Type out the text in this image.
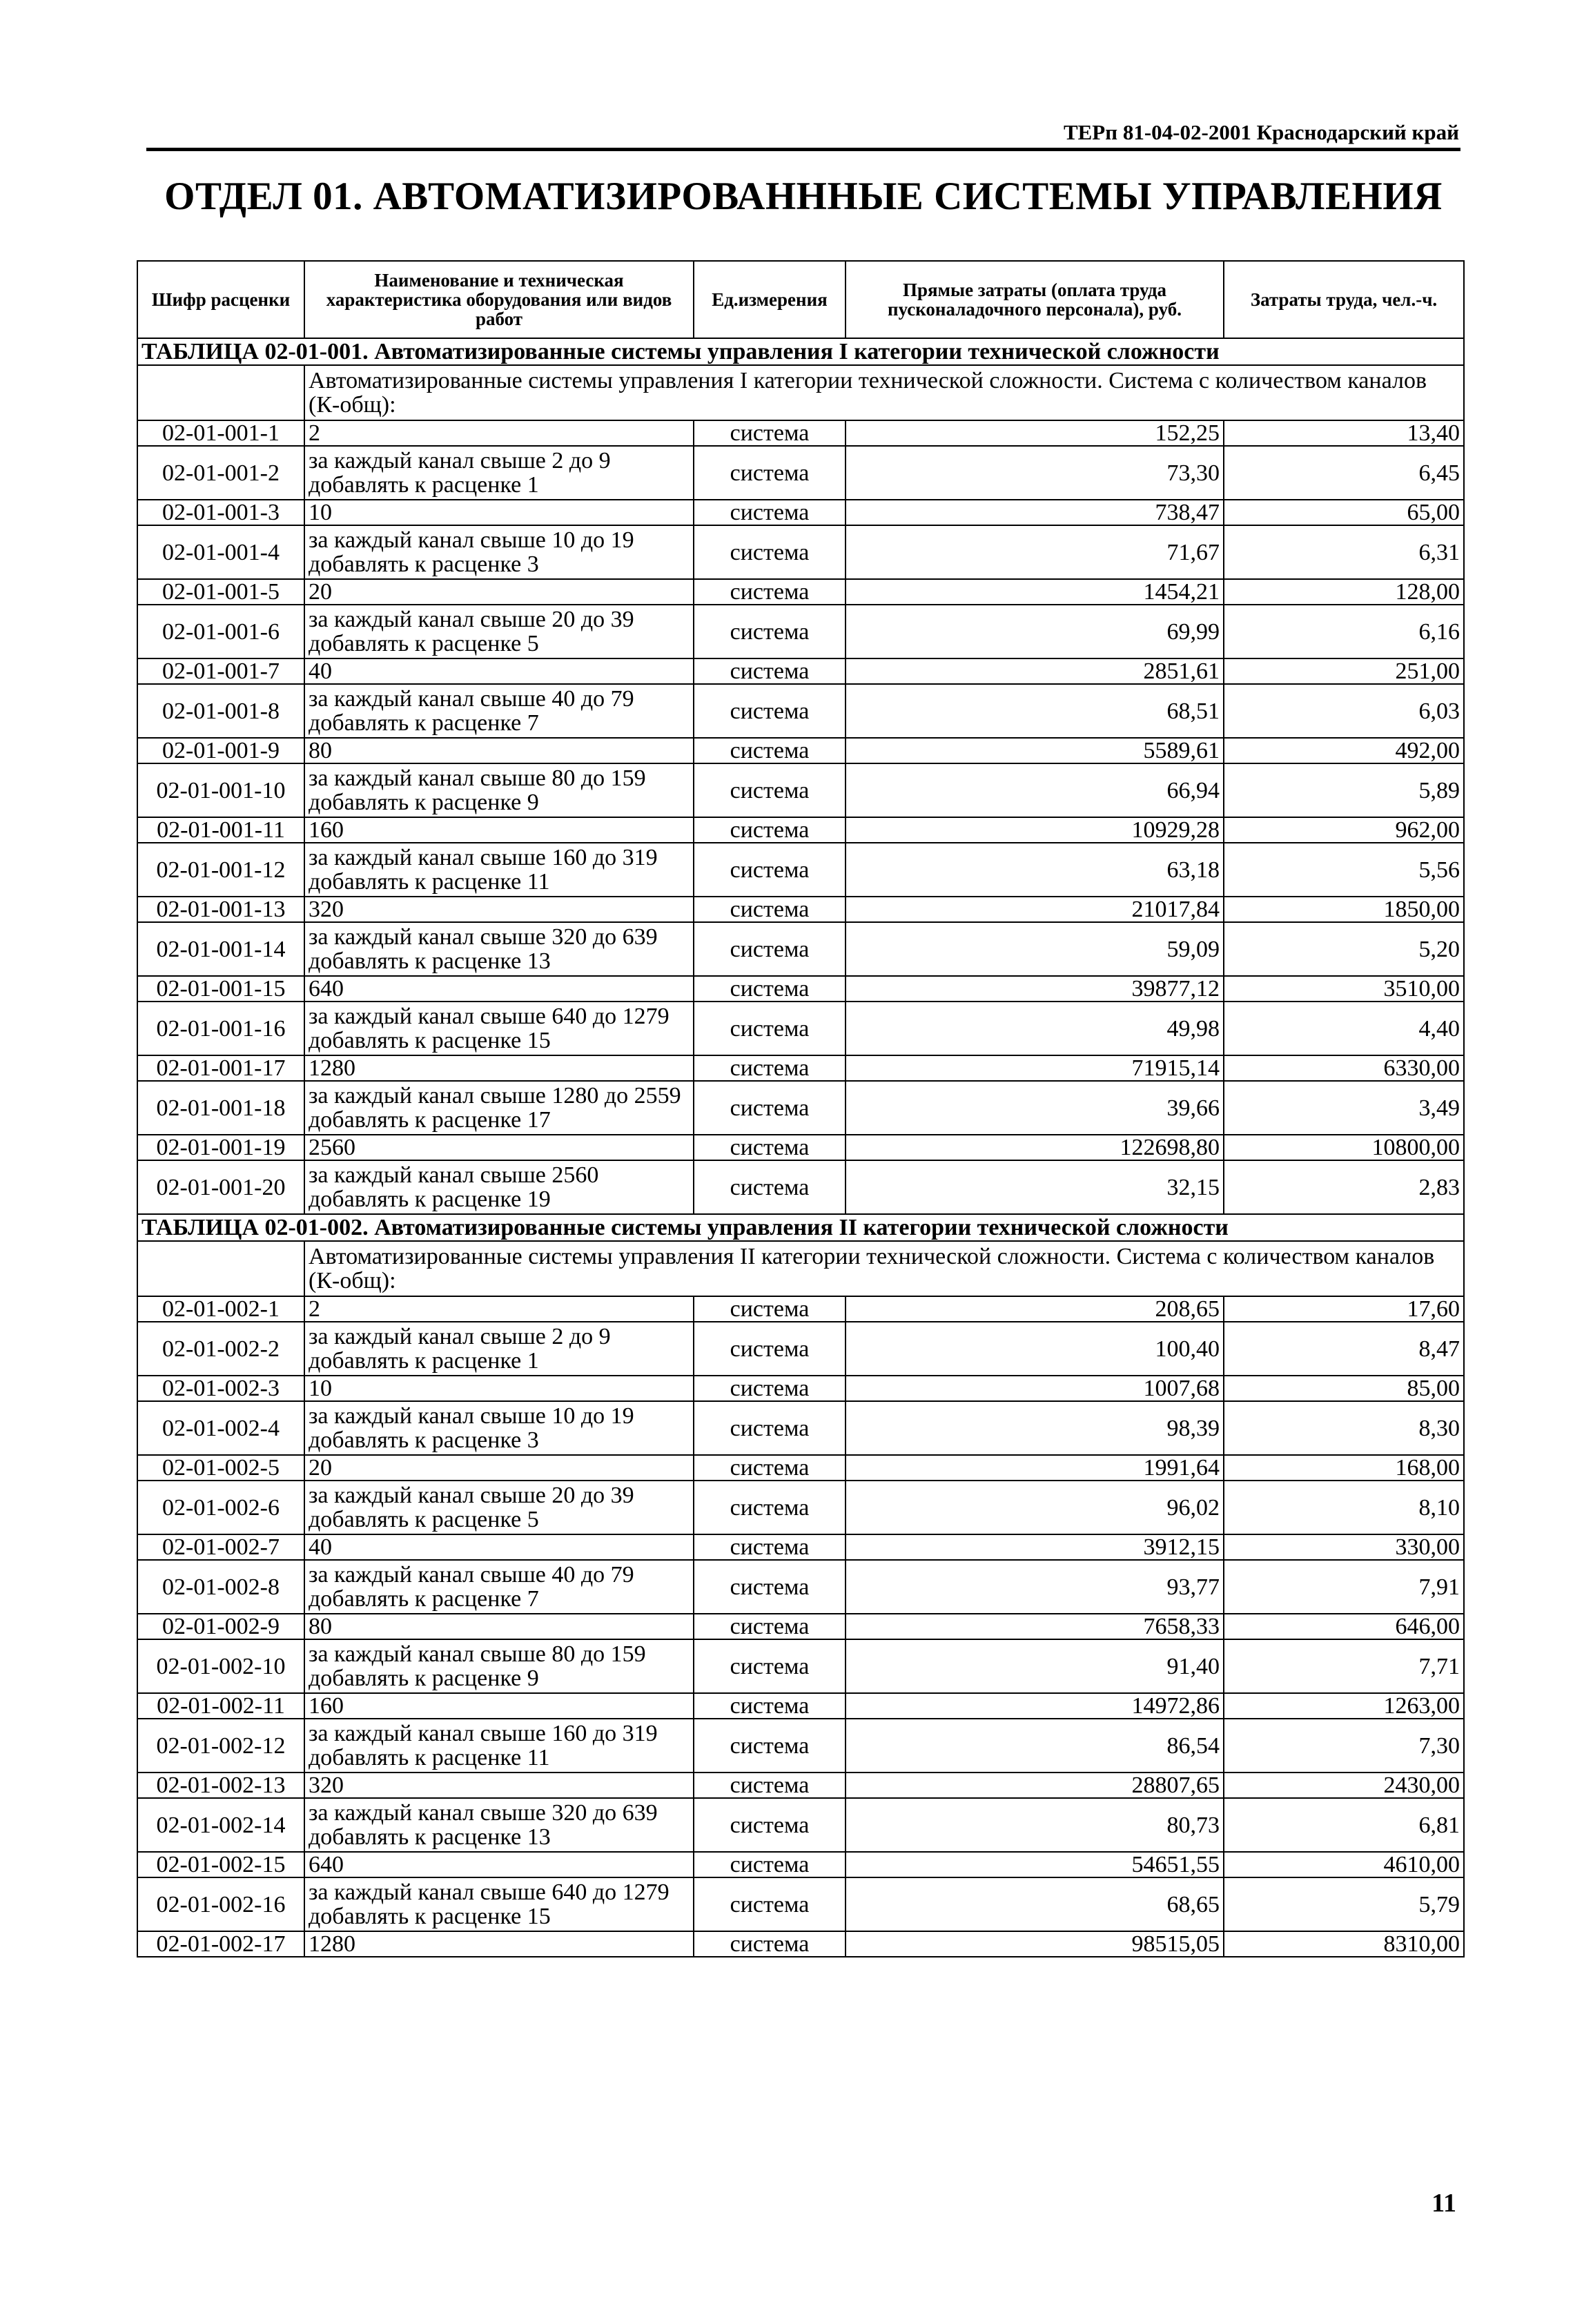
ТЕРп 81-04-02-2001 Краснодарский край
ОТДЕЛ 01. АВТОМАТИЗИРОВАНННЫЕ СИСТЕМЫ УПРАВЛЕНИЯ
Шифр расценки	Наименование и техническая характеристика оборудования или видов работ	Ед.измерения	Прямые затраты (оплата труда пусконаладочного персонала), руб.	Затраты труда, чел.-ч.
ТАБЛИЦА 02-01-001. Автоматизированные системы управления I категории технической сложности				
	Автоматизированные системы управления I категории технической сложности. Система с количеством каналов (К-общ):			
02-01-001-1	2	система	152,25	13,40
02-01-001-2	за каждый канал свыше 2 до 9 добавлять к расценке 1	система	73,30	6,45
02-01-001-3	10	система	738,47	65,00
02-01-001-4	за каждый канал свыше 10 до 19 добавлять к расценке 3	система	71,67	6,31
02-01-001-5	20	система	1454,21	128,00
02-01-001-6	за каждый канал свыше 20 до 39 добавлять к расценке 5	система	69,99	6,16
02-01-001-7	40	система	2851,61	251,00
02-01-001-8	за каждый канал свыше 40 до 79 добавлять к расценке 7	система	68,51	6,03
02-01-001-9	80	система	5589,61	492,00
02-01-001-10	за каждый канал свыше 80 до 159 добавлять к расценке 9	система	66,94	5,89
02-01-001-11	160	система	10929,28	962,00
02-01-001-12	за каждый канал свыше 160 до 319 добавлять к расценке 11	система	63,18	5,56
02-01-001-13	320	система	21017,84	1850,00
02-01-001-14	за каждый канал свыше 320 до 639 добавлять к расценке 13	система	59,09	5,20
02-01-001-15	640	система	39877,12	3510,00
02-01-001-16	за каждый канал свыше 640 до 1279 добавлять к расценке 15	система	49,98	4,40
02-01-001-17	1280	система	71915,14	6330,00
02-01-001-18	за каждый канал свыше 1280 до 2559 добавлять к расценке 17	система	39,66	3,49
02-01-001-19	2560	система	122698,80	10800,00
02-01-001-20	за каждый канал свыше 2560 добавлять к расценке 19	система	32,15	2,83
ТАБЛИЦА 02-01-002. Автоматизированные системы управления II категории технической сложности				
	Автоматизированные системы управления II категории технической сложности. Система с количеством каналов (К-общ):			
02-01-002-1	2	система	208,65	17,60
02-01-002-2	за каждый канал свыше 2 до 9 добавлять к расценке 1	система	100,40	8,47
02-01-002-3	10	система	1007,68	85,00
02-01-002-4	за каждый канал свыше 10 до 19 добавлять к расценке 3	система	98,39	8,30
02-01-002-5	20	система	1991,64	168,00
02-01-002-6	за каждый канал свыше 20 до 39 добавлять к расценке 5	система	96,02	8,10
02-01-002-7	40	система	3912,15	330,00
02-01-002-8	за каждый канал свыше 40 до 79 добавлять к расценке 7	система	93,77	7,91
02-01-002-9	80	система	7658,33	646,00
02-01-002-10	за каждый канал свыше 80 до 159 добавлять к расценке 9	система	91,40	7,71
02-01-002-11	160	система	14972,86	1263,00
02-01-002-12	за каждый канал свыше 160 до 319 добавлять к расценке 11	система	86,54	7,30
02-01-002-13	320	система	28807,65	2430,00
02-01-002-14	за каждый канал свыше 320 до 639 добавлять к расценке 13	система	80,73	6,81
02-01-002-15	640	система	54651,55	4610,00
02-01-002-16	за каждый канал свыше 640 до 1279 добавлять к расценке 15	система	68,65	5,79
02-01-002-17	1280	система	98515,05	8310,00
11
